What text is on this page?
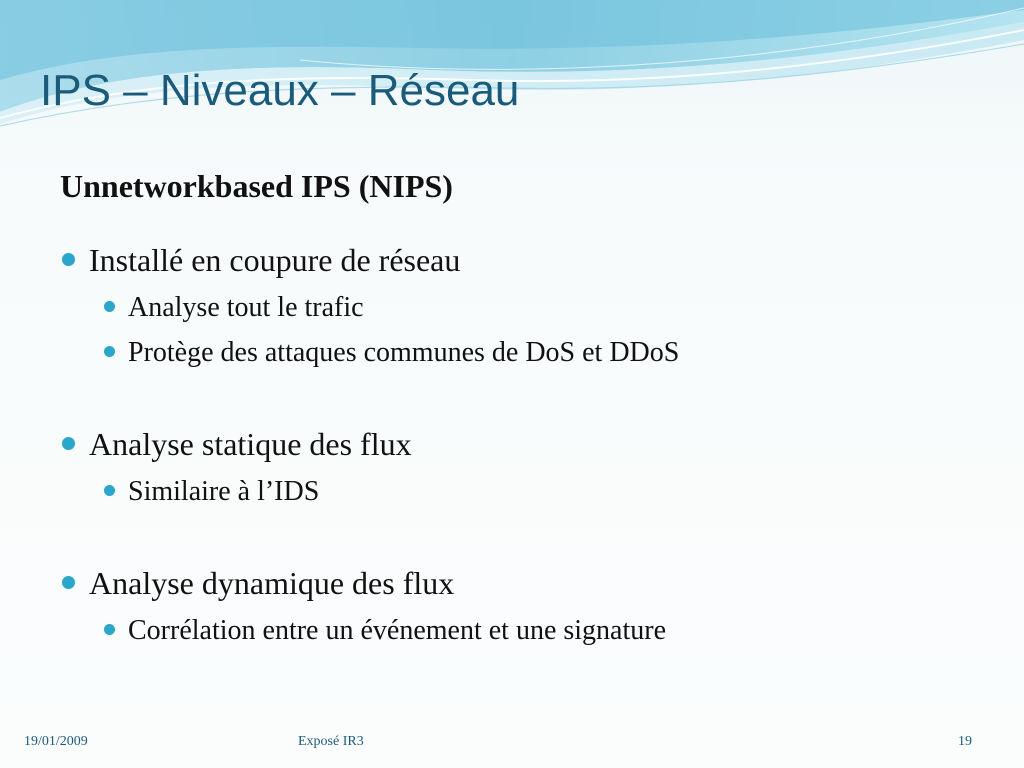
IPS – Niveaux – Réseau
Unnetworkbased IPS (NIPS)
Installé en coupure de réseau
Analyse tout le trafic
Protège des attaques communes de DoS et DDoS
Analyse statique des flux
Similaire à l’IDS
Analyse dynamique des flux
Corrélation entre un événement et une signature
19/01/2009	Exposé IR3	19
